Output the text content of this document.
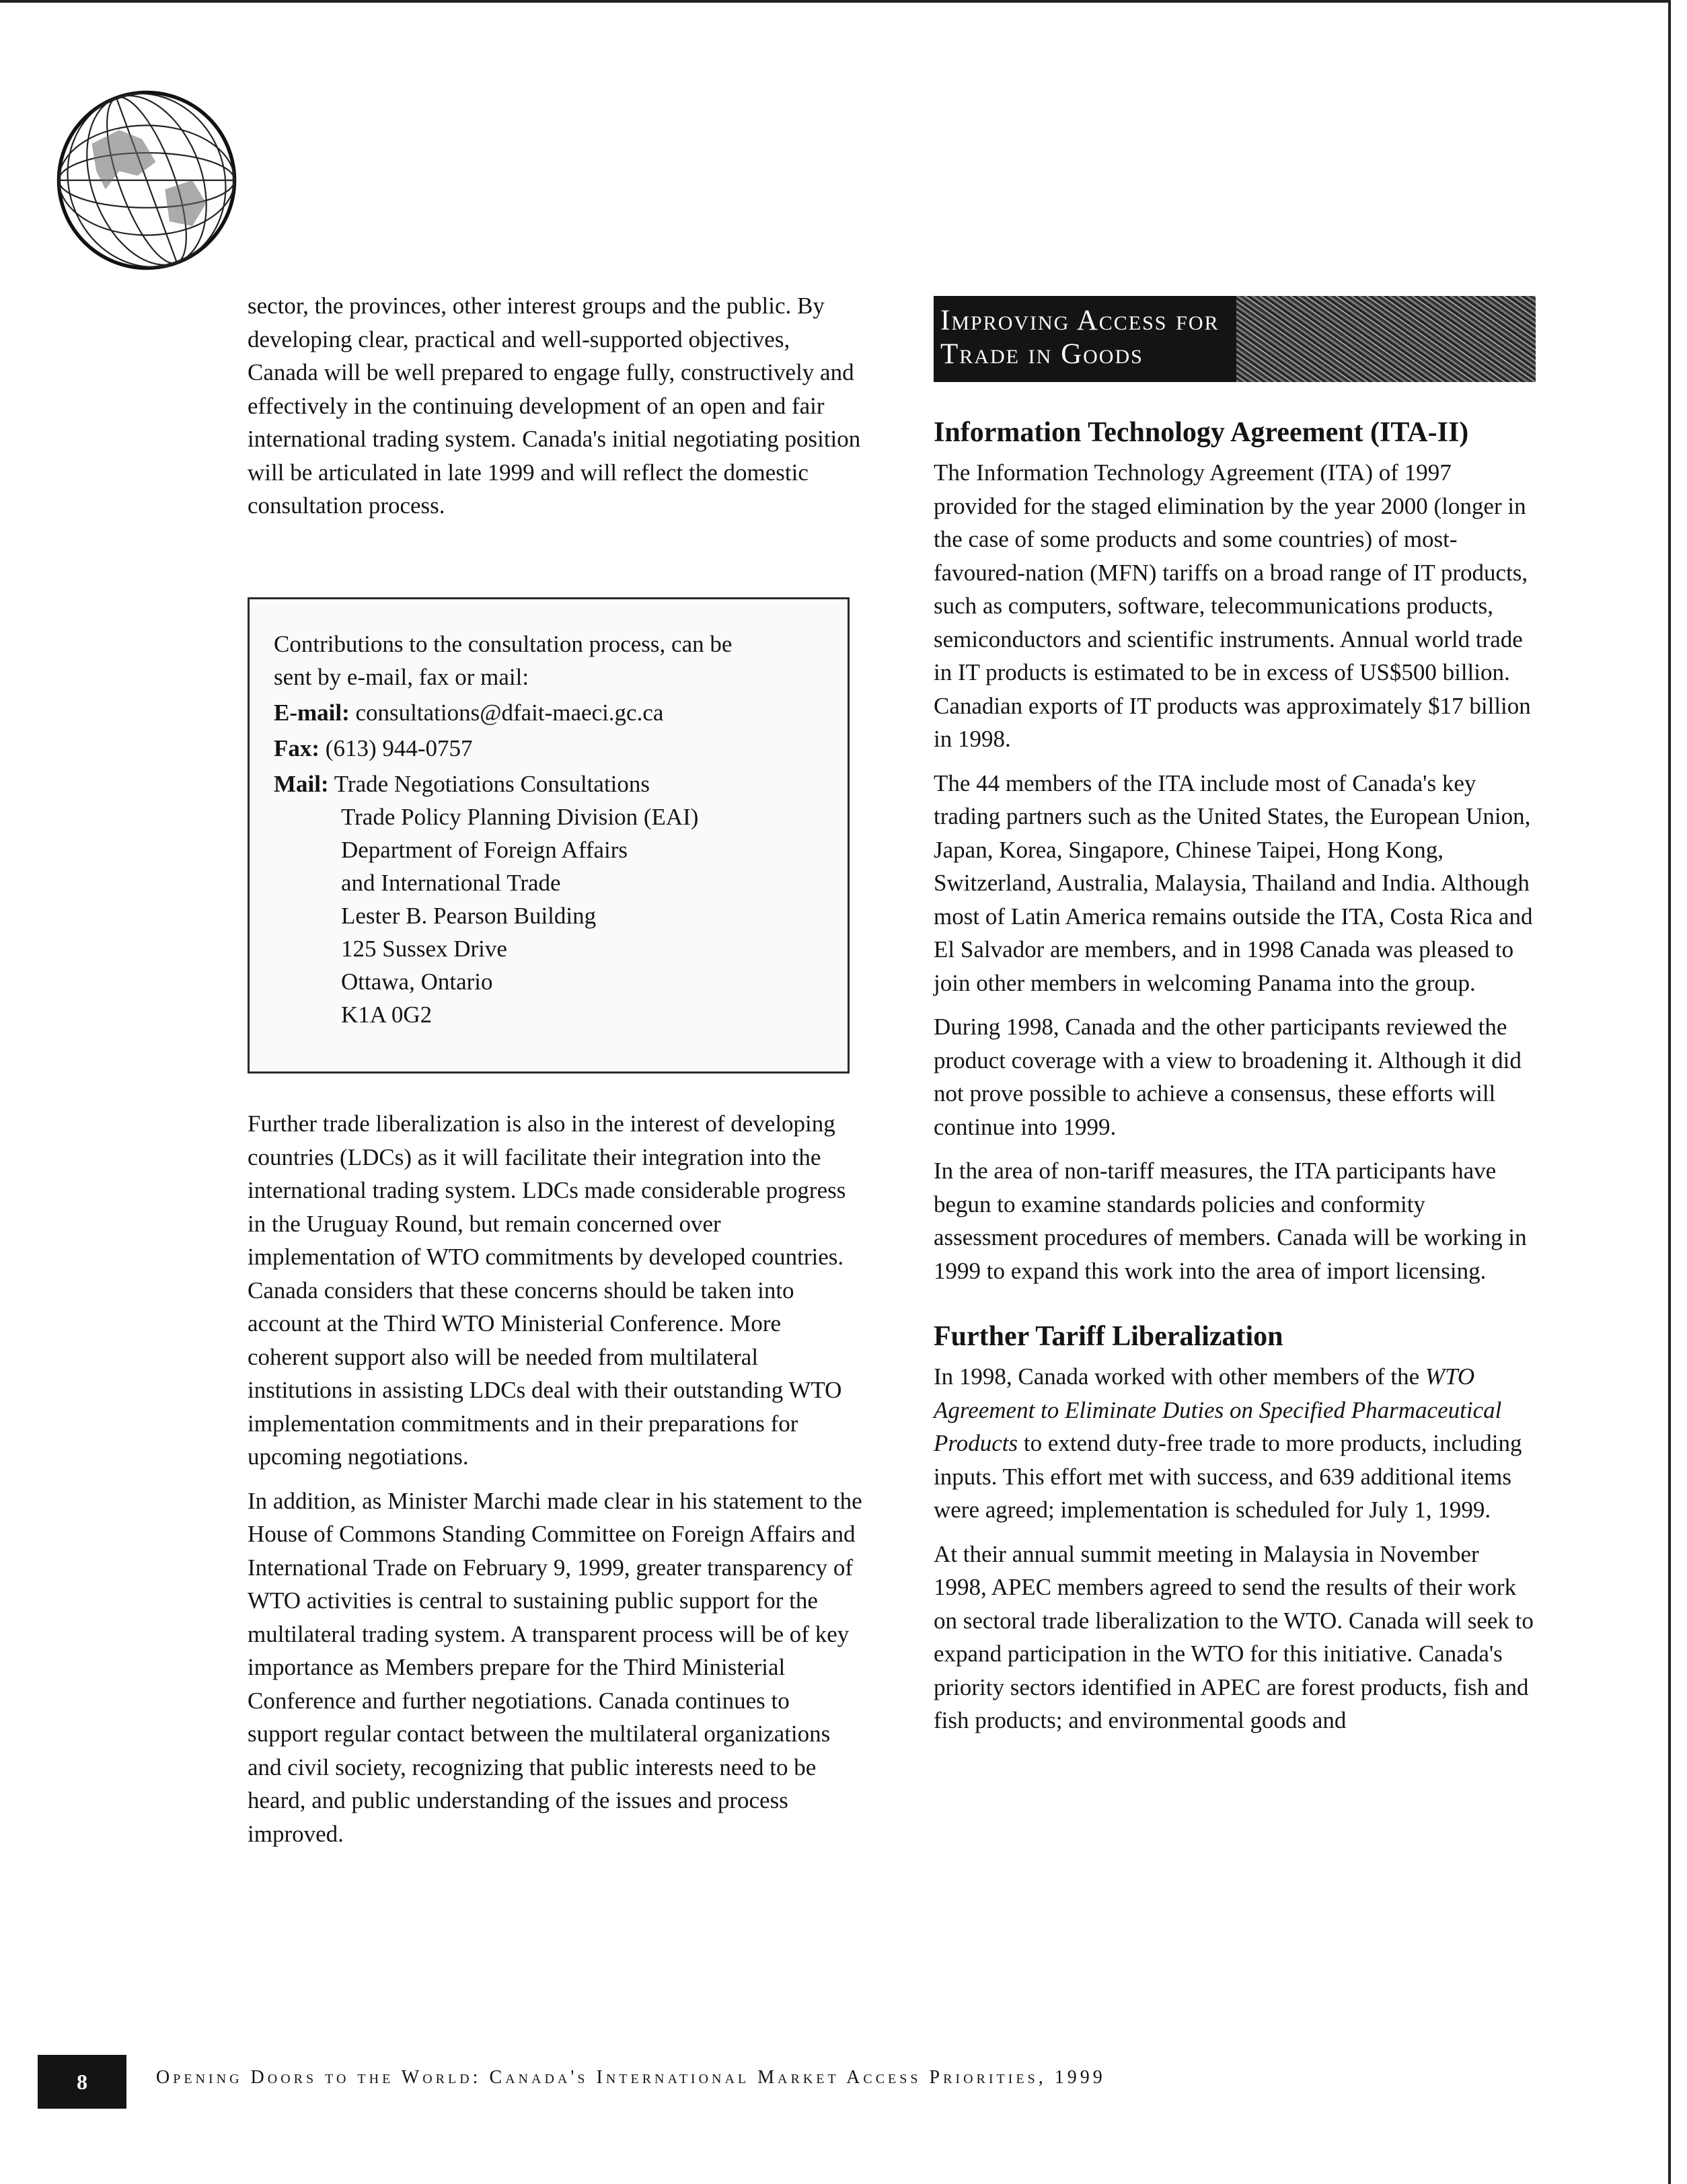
sector, the provinces, other interest groups and the public. By developing clear, practical and well-supported objectives, Canada will be well prepared to engage fully, constructively and effectively in the continuing development of an open and fair international trading system. Canada's initial negotiating position will be articulated in late 1999 and will reflect the domestic consultation process.

Contributions to the consultation process, can be sent by e-mail, fax or mail:
E-mail: consultations@dfait-maeci.gc.ca
Fax: (613) 944-0757
Mail: Trade Negotiations Consultations
Trade Policy Planning Division (EAI)
Department of Foreign Affairs
and International Trade
Lester B. Pearson Building
125 Sussex Drive
Ottawa, Ontario
K1A 0G2

Further trade liberalization is also in the interest of developing countries (LDCs) as it will facilitate their integration into the international trading system. LDCs made considerable progress in the Uruguay Round, but remain concerned over implementation of WTO commitments by developed countries. Canada considers that these concerns should be taken into account at the Third WTO Ministerial Conference. More coherent support also will be needed from multilateral institutions in assisting LDCs deal with their outstanding WTO implementation commitments and in their preparations for upcoming negotiations.

In addition, as Minister Marchi made clear in his statement to the House of Commons Standing Committee on Foreign Affairs and International Trade on February 9, 1999, greater transparency of WTO activities is central to sustaining public support for the multilateral trading system. A transparent process will be of key importance as Members prepare for the Third Ministerial Conference and further negotiations. Canada continues to support regular contact between the multilateral organizations and civil society, recognizing that public interests need to be heard, and public understanding of the issues and process improved.

Improving Access for
Trade in Goods
Information Technology Agreement (ITA-II)

The Information Technology Agreement (ITA) of 1997 provided for the staged elimination by the year 2000 (longer in the case of some products and some countries) of most-favoured-nation (MFN) tariffs on a broad range of IT products, such as computers, software, telecommunications products, semiconductors and scientific instruments. Annual world trade in IT products is estimated to be in excess of US$500 billion. Canadian exports of IT products was approximately $17 billion in 1998.

The 44 members of the ITA include most of Canada's key trading partners such as the United States, the European Union, Japan, Korea, Singapore, Chinese Taipei, Hong Kong, Switzerland, Australia, Malaysia, Thailand and India. Although most of Latin America remains outside the ITA, Costa Rica and El Salvador are members, and in 1998 Canada was pleased to join other members in welcoming Panama into the group.

During 1998, Canada and the other participants reviewed the product coverage with a view to broadening it. Although it did not prove possible to achieve a consensus, these efforts will continue into 1999.

In the area of non-tariff measures, the ITA participants have begun to examine standards policies and conformity assessment procedures of members. Canada will be working in 1999 to expand this work into the area of import licensing.

Further Tariff Liberalization

In 1998, Canada worked with other members of the WTO Agreement to Eliminate Duties on Specified Pharmaceutical Products to extend duty-free trade to more products, including inputs. This effort met with success, and 639 additional items were agreed; implementation is scheduled for July 1, 1999.

At their annual summit meeting in Malaysia in November 1998, APEC members agreed to send the results of their work on sectoral trade liberalization to the WTO. Canada will seek to expand participation in the WTO for this initiative. Canada's priority sectors identified in APEC are forest products, fish and fish products; and environmental goods and

8	Opening Doors to the World: Canada's International Market Access Priorities, 1999
